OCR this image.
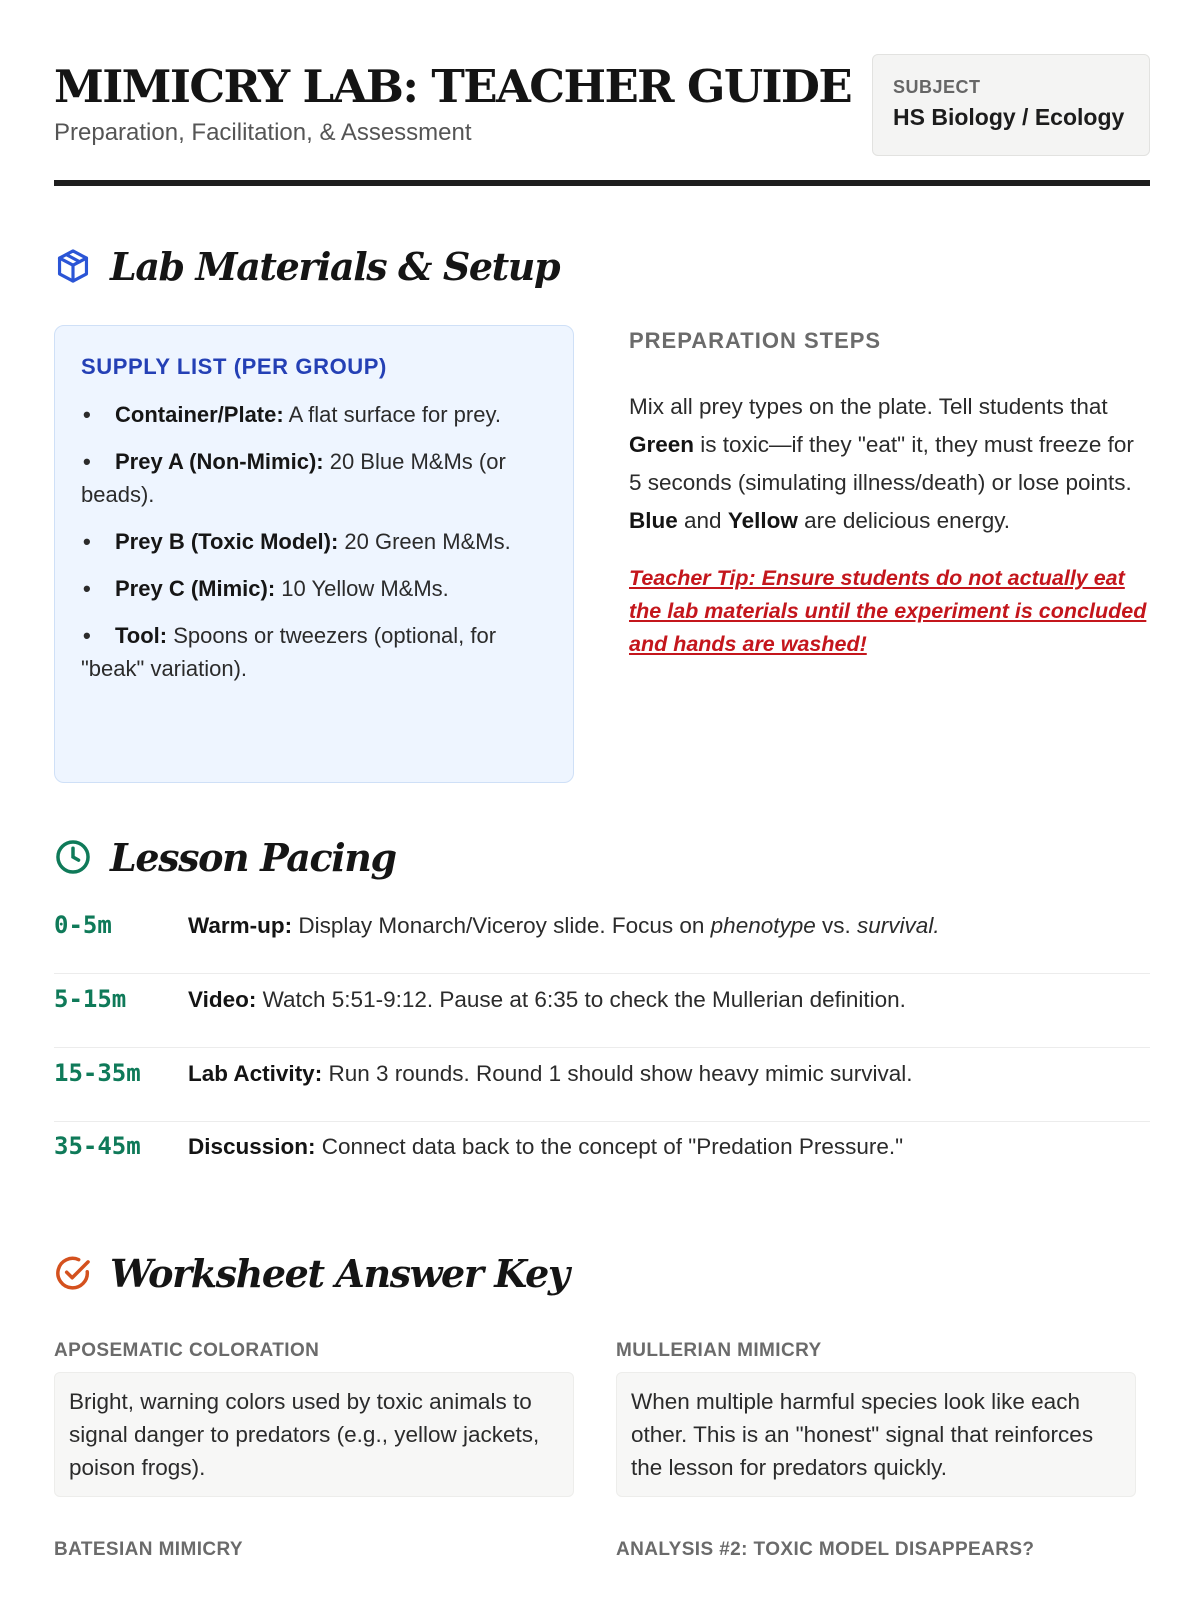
MIMICRY LAB: TEACHER GUIDE
Preparation, Facilitation, & Assessment
SUBJECT
HS Biology / Ecology
Lab Materials & Setup
SUPPLY LIST (PER GROUP)
• Container/Plate: A flat surface for prey.
• Prey A (Non-Mimic): 20 Blue M&Ms (or beads).
• Prey B (Toxic Model): 20 Green M&Ms.
• Prey C (Mimic): 10 Yellow M&Ms.
• Tool: Spoons or tweezers (optional, for "beak" variation).
PREPARATION STEPS
Mix all prey types on the plate. Tell students that Green is toxic—if they "eat" it, they must freeze for 5 seconds (simulating illness/death) or lose points. Blue and Yellow are delicious energy.
Teacher Tip: Ensure students do not actually eat the lab materials until the experiment is concluded and hands are washed!
Lesson Pacing
0-5m	Warm-up: Display Monarch/Viceroy slide. Focus on phenotype vs. survival.
5-15m	Video: Watch 5:51-9:12. Pause at 6:35 to check the Mullerian definition.
15-35m Lab Activity: Run 3 rounds. Round 1 should show heavy mimic survival.
35-45m Discussion: Connect data back to the concept of "Predation Pressure."
Worksheet Answer Key
APOSEMATIC COLORATION
Bright, warning colors used by toxic animals to signal danger to predators (e.g., yellow jackets, poison frogs).
MULLERIAN MIMICRY
When multiple harmful species look like each other. This is an "honest" signal that reinforces the lesson for predators quickly.
BATESIAN MIMICRY	ANALYSIS #2: TOXIC MODEL DISAPPEARS?
